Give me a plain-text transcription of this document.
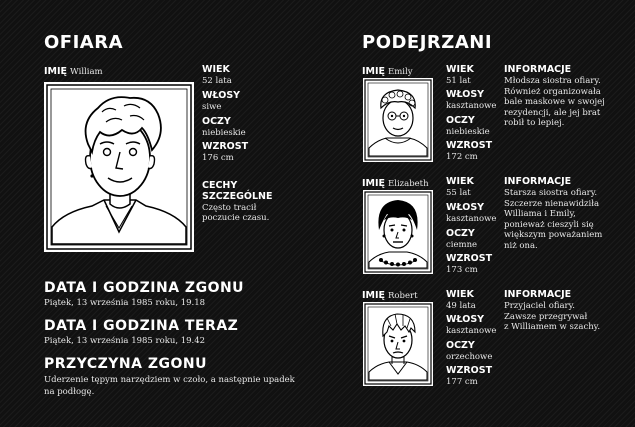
OFIARA
IMIĘ William	WIEK
52 lata
WŁOSY
siwe
OCZY
niebieskie
WZROST
176 cm
CECHY
SZCZEGÓLNE
Często tracił
poczucie czasu.
DATA I GODZINA ZGONU
Piątek, 13 września 1985 roku, 19.18
DATA I GODZINA TERAZ
Piątek, 13 września 1985 roku, 19.42
PRZYCZYNA ZGONU
Uderzenie tępym narzędziem w czoło, a następnie upadek
na podłogę.
PODEJRZANI
IMIĘ Emily	WIEK
51 lat
WŁOSY
kasztanowe
OCZY
niebieskie
WZROST
172 cm
INFORMACJE
Młodsza siostra ofiary.
Również organizowała
bale maskowe w swojej
rezydencji, ale jej brat
robił to lepiej.
IMIĘ Elizabeth WIEK
55 lat
WŁOSY
kasztanowe
OCZY
ciemne
WZROST
173 cm
INFORMACJE
Starsza siostra ofiary.
Szczerze nienawidziła
Williama i Emily,
ponieważ cieszyli się
większym poważaniem
niż ona.
IMIĘ Robert	WIEK
49 lata
WŁOSY
kasztanowe
OCZY
orzechowe
WZROST
177 cm
INFORMACJE
Przyjaciel ofiary.
Zawsze przegrywał
z Williamem w szachy.
